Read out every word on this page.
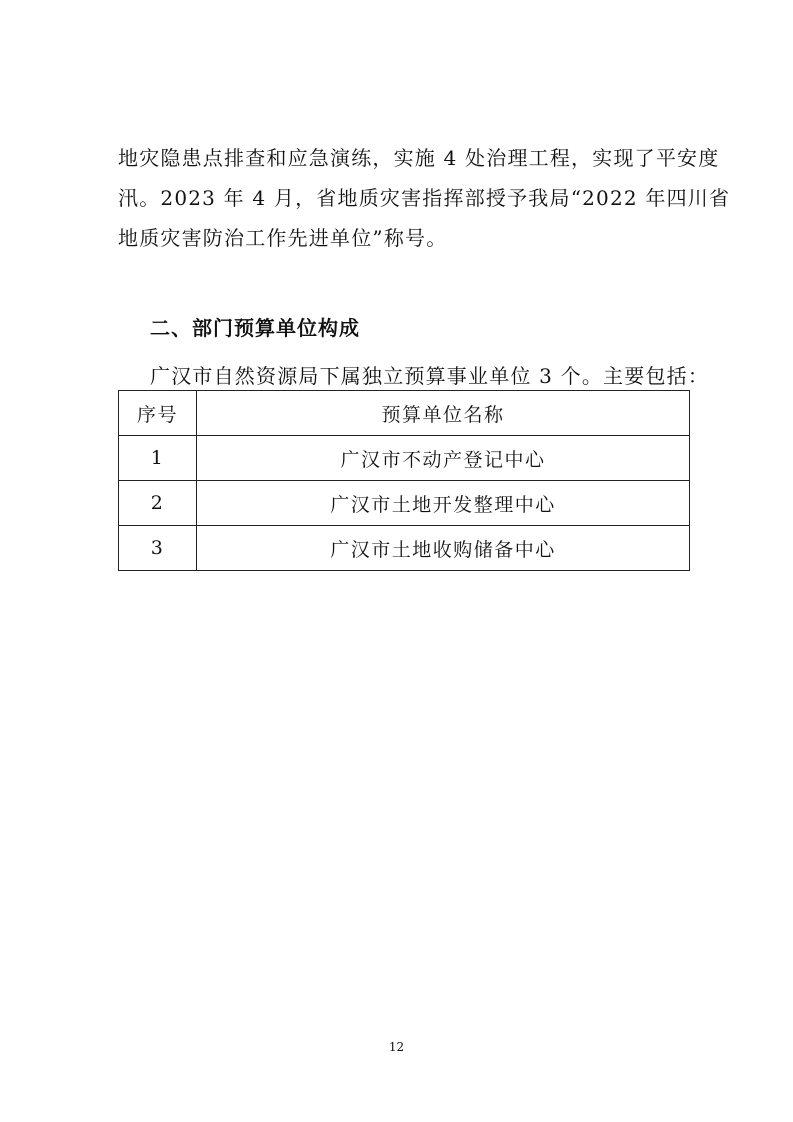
地灾隐患点排查和应急演练，实施 4 处治理工程，实现了平安度
汛。2023 年 4 月，省地质灾害指挥部授予我局“2022 年四川省
地质灾害防治工作先进单位”称号。
二、部门预算单位构成

广汉市自然资源局下属独立预算事业单位 3 个。主要包括：

序号	预算单位名称
1	广汉市不动产登记中心
2	广汉市土地开发整理中心
3	广汉市土地收购储备中心
12
